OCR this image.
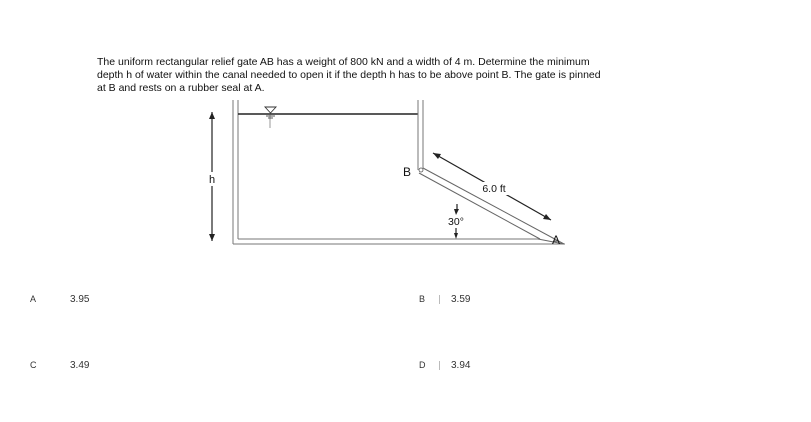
The uniform rectangular relief gate AB has a weight of 800 kN and a width of 4 m. Determine the minimum
depth h of water within the canal needed to open it if the depth h has to be above point B. The gate is pinned
at B and rests on a rubber seal at A.
h
B
A
6.0 ft
30°
A	3.95	B	3.59
C	3.49	D	3.94
